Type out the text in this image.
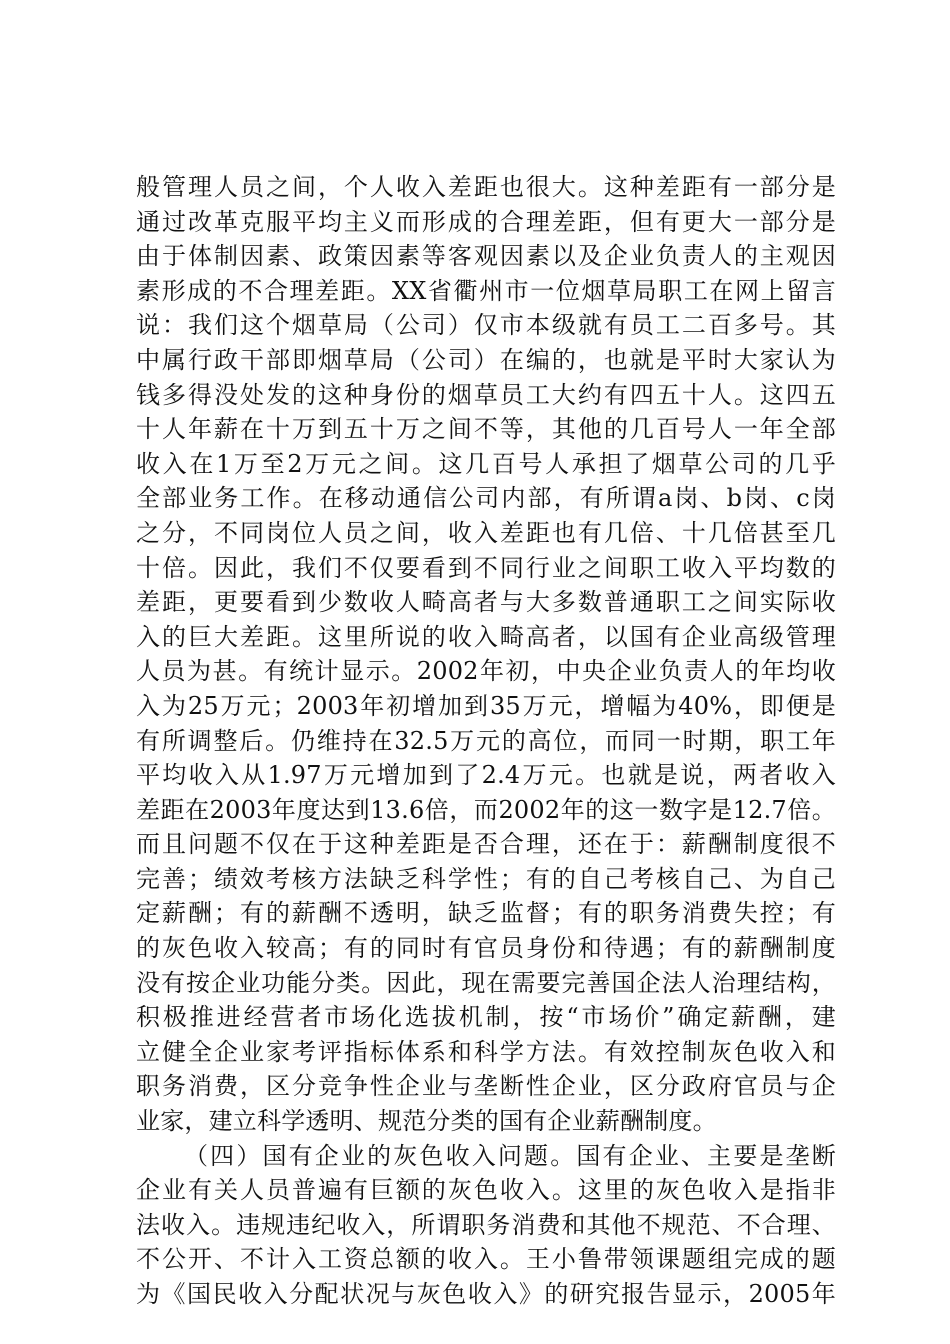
般管理人员之间，个人收入差距也很大。这种差距有一部分是
通过改革克服平均主义而形成的合理差距，但有更大一部分是
由于体制因素、政策因素等客观因素以及企业负责人的主观因
素形成的不合理差距。XX省衢州市一位烟草局职工在网上留言
说：我们这个烟草局（公司）仅市本级就有员工二百多号。其
中属行政干部即烟草局（公司）在编的，也就是平时大家认为
钱多得没处发的这种身份的烟草员工大约有四五十人。这四五
十人年薪在十万到五十万之间不等，其他的几百号人一年全部
收入在1万至2万元之间。这几百号人承担了烟草公司的几乎
全部业务工作。在移动通信公司内部，有所谓a岗、b岗、c岗
之分，不同岗位人员之间，收入差距也有几倍、十几倍甚至几
十倍。因此，我们不仅要看到不同行业之间职工收入平均数的
差距，更要看到少数收人畸高者与大多数普通职工之间实际收
入的巨大差距。这里所说的收入畸高者，以国有企业高级管理
人员为甚。有统计显示。2002年初，中央企业负责人的年均收
入为25万元；2003年初增加到35万元，增幅为40%，即便是
有所调整后。仍维持在32.5万元的高位，而同一时期，职工年
平均收入从1.97万元增加到了2.4万元。也就是说，两者收入
差距在2003年度达到13.6倍，而2002年的这一数字是12.7倍。
而且问题不仅在于这种差距是否合理，还在于：薪酬制度很不
完善；绩效考核方法缺乏科学性；有的自己考核自己、为自己
定薪酬；有的薪酬不透明，缺乏监督；有的职务消费失控；有
的灰色收入较高；有的同时有官员身份和待遇；有的薪酬制度
没有按企业功能分类。因此，现在需要完善国企法人治理结构，
积极推进经营者市场化选拔机制，按“市场价”确定薪酬，建
立健全企业家考评指标体系和科学方法。有效控制灰色收入和
职务消费，区分竞争性企业与垄断性企业，区分政府官员与企
业家，建立科学透明、规范分类的国有企业薪酬制度。
（四）国有企业的灰色收入问题。国有企业、主要是垄断
企业有关人员普遍有巨额的灰色收入。这里的灰色收入是指非
法收入。违规违纪收入，所谓职务消费和其他不规范、不合理、
不公开、不计入工资总额的收入。王小鲁带领课题组完成的题
为《国民收入分配状况与灰色收入》的研究报告显示，2005年
